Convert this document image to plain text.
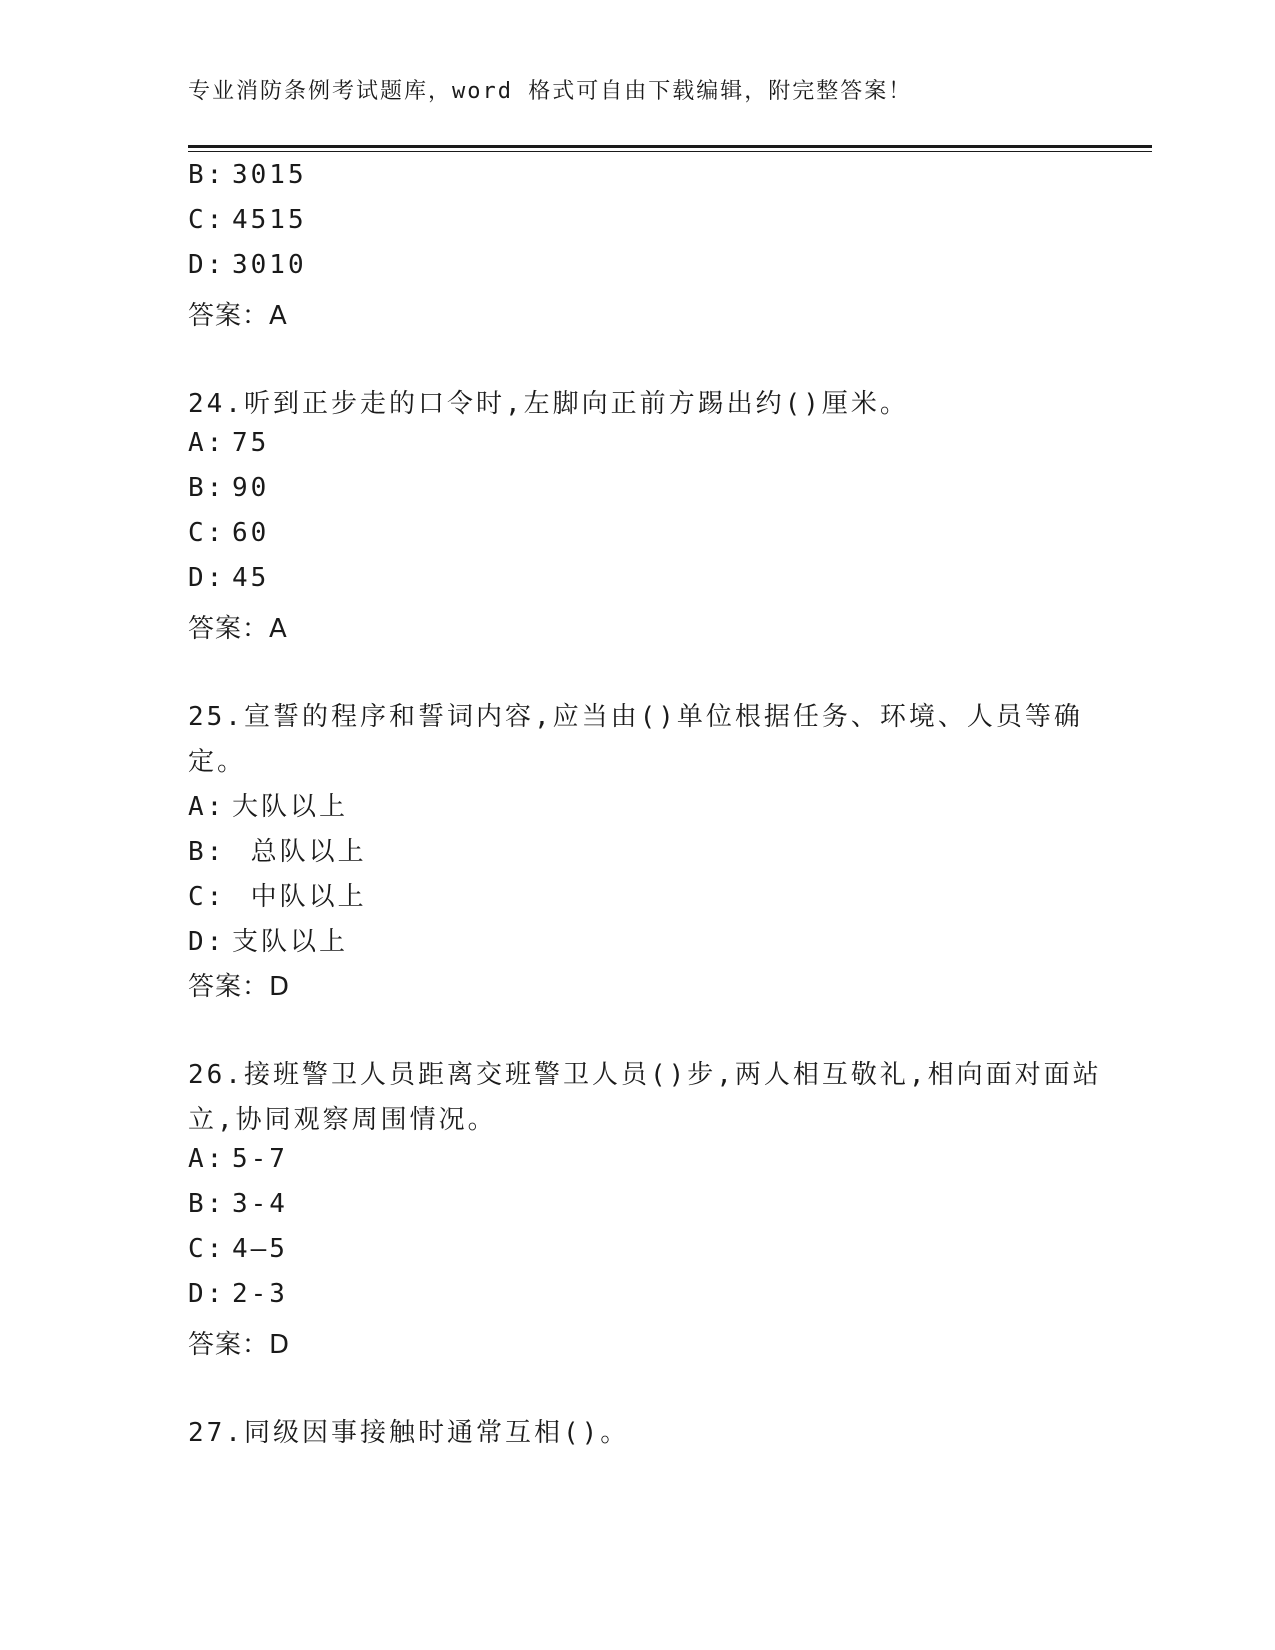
专业消防条例考试题库，word 格式可自由下载编辑，附完整答案！
B: 3015
C: 4515
D: 3010
答案：A
24.听到正步走的口令时,左脚向正前方踢出约()厘米。
A: 75
B: 90
C: 60
D: 45
答案：A
25.宣誓的程序和誓词内容,应当由()单位根据任务、环境、人员等确
定。
A: 大队以上
B: 总队以上
C: 中队以上
D: 支队以上
答案：D
26.接班警卫人员距离交班警卫人员()步,两人相互敬礼,相向面对面站
立,协同观察周围情况。
A: 5-7
B: 3-4
C: 4—5
D: 2-3
答案：D
27.同级因事接触时通常互相()。
